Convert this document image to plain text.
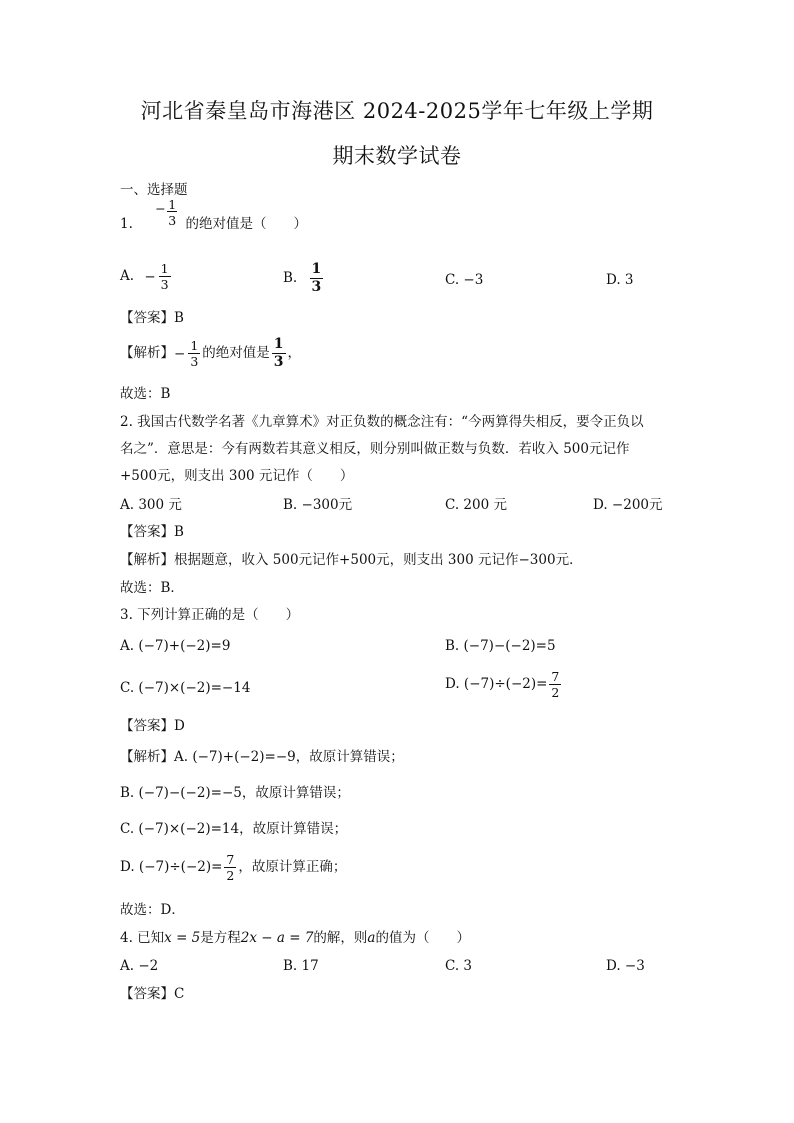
河北省秦皇岛市海港区 2024-2025学年七年级上学期
期末数学试卷
一、选择题
1.
− 1
3 的绝对值是（　　）
A. − $\frac{1}{3}$	B. $\frac{1}{3}$	C. −3	D. 3
【答案】B
【解析】− $\frac{1}{3}$ 的绝对值是 $\frac{1}{3}$ ，
故选：B
2. 我国古代数学名著《九章算术》对正负数的概念注有：“今两算得失相反，要令正负以
名之”．意思是：今有两数若其意义相反，则分别叫做正数与负数．若收入 500元记作
+500元，则支出 300 元记作（　　）
A. 300 元	B. −300元	C. 200 元	D. −200元
【答案】B
【解析】根据题意，收入 500元记作+500元，则支出 300 元记作−300元．
故选：B．
3. 下列计算正确的是（　　）
A. (−7)+(−2)=9	B. (−7)−(−2)=5
C. (−7)×(−2)=−14	D. $(-7)\div(-2)= \frac{7}{2}$
【答案】D
【解析】A. (−7)+(−2)=−9，故原计算错误；
B. (−7)−(−2)=−5，故原计算错误；
C. (−7)×(−2)=14，故原计算错误；
D. $(-7)\div(-2)= \frac{7}{2}$ ，故原计算正确；
故选：D．
4. 已知x = 5是方程2x − a = 7的解，则a的值为（　　）
A. −2	B. 17	C. 3	D. −3
【答案】C
